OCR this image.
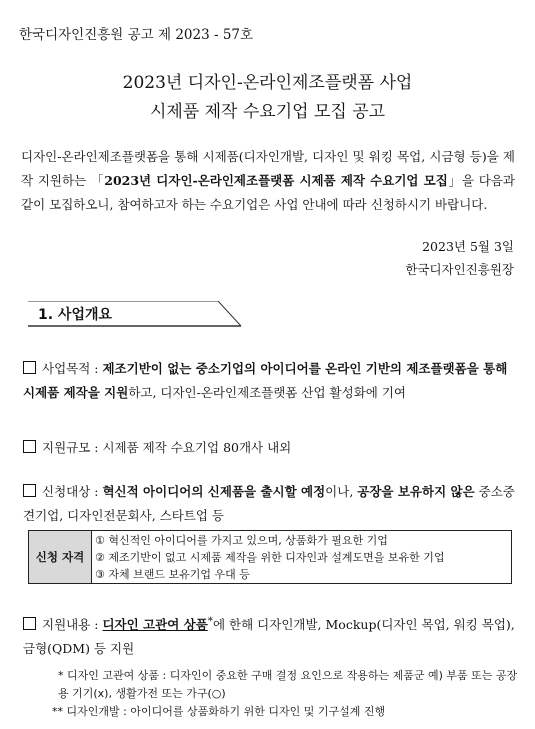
한국디자인진흥원 공고 제 2023 - 57호
2023년 디자인-온라인제조플랫폼 사업
시제품 제작 수요기업 모집 공고
디자인-온라인제조플랫폼을 통해 시제품(디자인개발, 디자인 및 워킹 목업, 시금형 등)을 제작 지원하는 「2023년 디자인-온라인제조플랫폼 시제품 제작 수요기업 모집」을 다음과 같이 모집하오니, 참여하고자 하는 수요기업은 사업 안내에 따라 신청하시기 바랍니다.
2023년 5월 3일
한국디자인진흥원장
1. 사업개요
사업목적 : 제조기반이 없는 중소기업의 아이디어를 온라인 기반의 제조플랫폼을 통해 시제품 제작을 지원하고, 디자인-온라인제조플랫폼 산업 활성화에 기여
지원규모 : 시제품 제작 수요기업 80개사 내외
신청대상 : 혁신적 아이디어의 신제품을 출시할 예정이나, 공장을 보유하지 않은 중소중견기업, 디자인전문회사, 스타트업 등
신청 자격
① 혁신적인 아이디어를 가지고 있으며, 상품화가 필요한 기업
② 제조기반이 없고 시제품 제작을 위한 디자인과 설계도면을 보유한 기업
③ 자체 브랜드 보유기업 우대 등
지원내용 : 디자인 고관여 상품*에 한해 디자인개발, Mockup(디자인 목업, 워킹 목업), 금형(QDM) 등 지원
* 디자인 고관여 상품 : 디자인이 중요한 구매 결정 요인으로 작용하는 제품군 예) 부품 또는 공장용 기기(x), 생활가전 또는 가구(○)
** 디자인개발 : 아이디어를 상품화하기 위한 디자인 및 기구설계 진행
